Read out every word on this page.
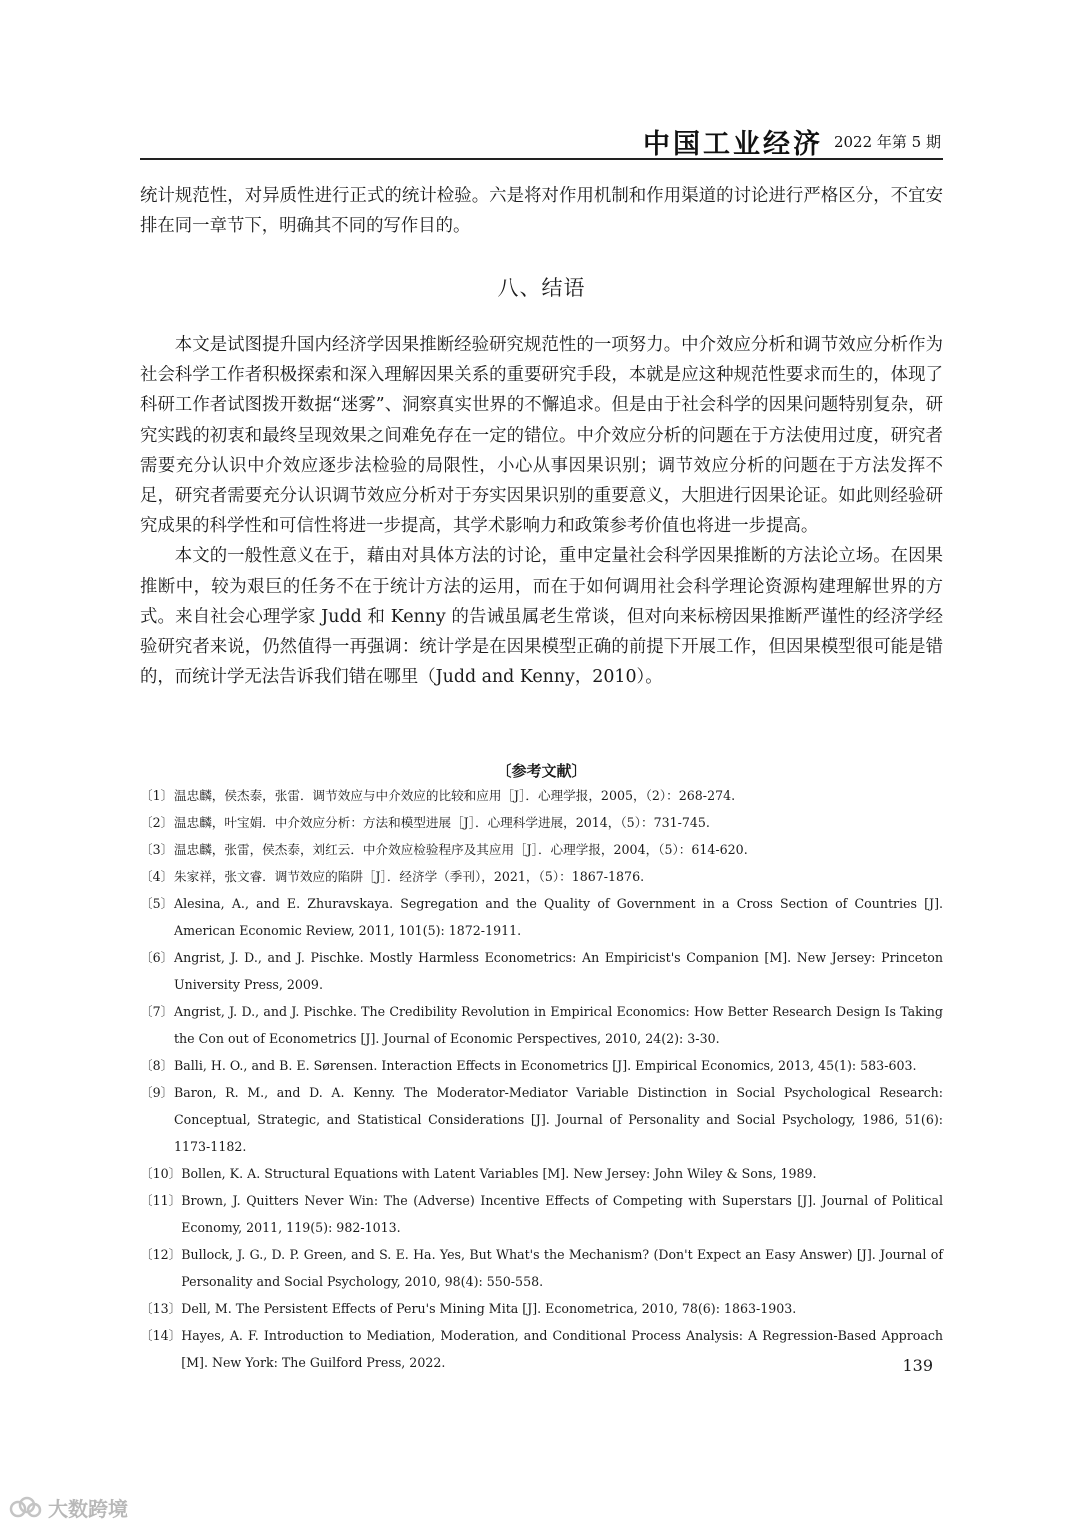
中国工业经济 2022 年第 5 期

统计规范性，对异质性进行正式的统计检验。六是将对作用机制和作用渠道的讨论进行严格区分，不宜安排在同一章节下，明确其不同的写作目的。

八、结语

本文是试图提升国内经济学因果推断经验研究规范性的一项努力。中介效应分析和调节效应分析作为社会科学工作者积极探索和深入理解因果关系的重要研究手段，本就是应这种规范性要求而生的，体现了科研工作者试图拨开数据“迷雾”、洞察真实世界的不懈追求。但是由于社会科学的因果问题特别复杂，研究实践的初衷和最终呈现效果之间难免存在一定的错位。中介效应分析的问题在于方法使用过度，研究者需要充分认识中介效应逐步法检验的局限性，小心从事因果识别；调节效应分析的问题在于方法发挥不足，研究者需要充分认识调节效应分析对于夯实因果识别的重要意义，大胆进行因果论证。如此则经验研究成果的科学性和可信性将进一步提高，其学术影响力和政策参考价值也将进一步提高。

本文的一般性意义在于，藉由对具体方法的讨论，重申定量社会科学因果推断的方法论立场。在因果推断中，较为艰巨的任务不在于统计方法的运用，而在于如何调用社会科学理论资源构建理解世界的方式。来自社会心理学家 Judd 和 Kenny 的告诫虽属老生常谈，但对向来标榜因果推断严谨性的经济学经验研究者来说，仍然值得一再强调：统计学是在因果模型正确的前提下开展工作，但因果模型很可能是错的，而统计学无法告诉我们错在哪里（Judd and Kenny，2010）。

〔参考文献〕
〔1〕 温忠麟，侯杰泰，张雷．调节效应与中介效应的比较和应用［J］．心理学报，2005，（2）：268-274.
〔2〕 温忠麟，叶宝娟．中介效应分析：方法和模型进展［J］．心理科学进展，2014，（5）：731-745.
〔3〕 温忠麟，张雷，侯杰泰，刘红云．中介效应检验程序及其应用［J］．心理学报，2004，（5）：614-620.
〔4〕 朱家祥，张文睿．调节效应的陷阱［J］．经济学（季刊），2021，（5）：1867-1876.
〔5〕 Alesina, A., and E. Zhuravskaya. Segregation and the Quality of Government in a Cross Section of Countries [J]. American Economic Review, 2011, 101(5): 1872-1911.
〔6〕 Angrist, J. D., and J. Pischke. Mostly Harmless Econometrics: An Empiricist's Companion [M]. New Jersey: Princeton University Press, 2009.
〔7〕 Angrist, J. D., and J. Pischke. The Credibility Revolution in Empirical Economics: How Better Research Design Is Taking the Con out of Econometrics [J]. Journal of Economic Perspectives, 2010, 24(2): 3-30.
〔8〕 Balli, H. O., and B. E. Sørensen. Interaction Effects in Econometrics [J]. Empirical Economics, 2013, 45(1): 583-603.
〔9〕 Baron, R. M., and D. A. Kenny. The Moderator-Mediator Variable Distinction in Social Psychological Research: Conceptual, Strategic, and Statistical Considerations [J]. Journal of Personality and Social Psychology, 1986, 51(6): 1173-1182.
〔10〕 Bollen, K. A. Structural Equations with Latent Variables [M]. New Jersey: John Wiley & Sons, 1989.
〔11〕 Brown, J. Quitters Never Win: The (Adverse) Incentive Effects of Competing with Superstars [J]. Journal of Political Economy, 2011, 119(5): 982-1013.
〔12〕 Bullock, J. G., D. P. Green, and S. E. Ha. Yes, But What's the Mechanism? (Don't Expect an Easy Answer) [J]. Journal of Personality and Social Psychology, 2010, 98(4): 550-558.
〔13〕 Dell, M. The Persistent Effects of Peru's Mining Mita [J]. Econometrica, 2010, 78(6): 1863-1903.
〔14〕 Hayes, A. F. Introduction to Mediation, Moderation, and Conditional Process Analysis: A Regression-Based Approach [M]. New York: The Guilford Press, 2022.	139
大数跨境
